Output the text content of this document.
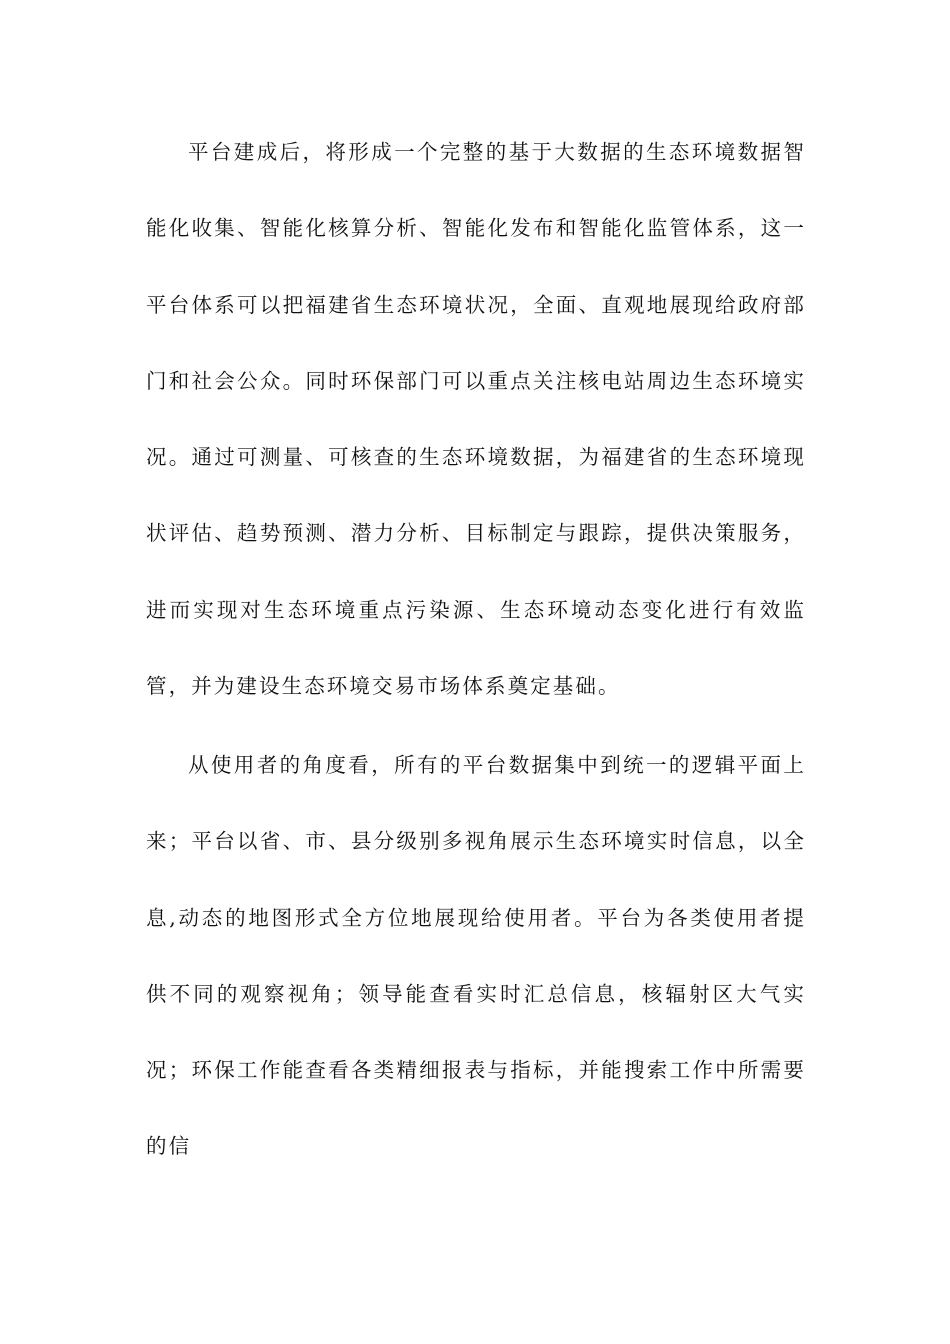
平台建成后，将形成一个完整的基于大数据的生态环境数据智能化收集、智能化核算分析、智能化发布和智能化监管体系，这一平台体系可以把福建省生态环境状况，全面、直观地展现给政府部门和社会公众。同时环保部门可以重点关注核电站周边生态环境实况。通过可测量、可核查的生态环境数据，为福建省的生态环境现状评估、趋势预测、潜力分析、目标制定与跟踪，提供决策服务，进而实现对生态环境重点污染源、生态环境动态变化进行有效监管，并为建设生态环境交易市场体系奠定基础。

从使用者的角度看，所有的平台数据集中到统一的逻辑平面上来；平台以省、市、县分级别多视角展示生态环境实时信息，以全息,动态的地图形式全方位地展现给使用者。平台为各类使用者提供不同的观察视角；领导能查看实时汇总信息，核辐射区大气实况；环保工作能查看各类精细报表与指标，并能搜索工作中所需要的信
